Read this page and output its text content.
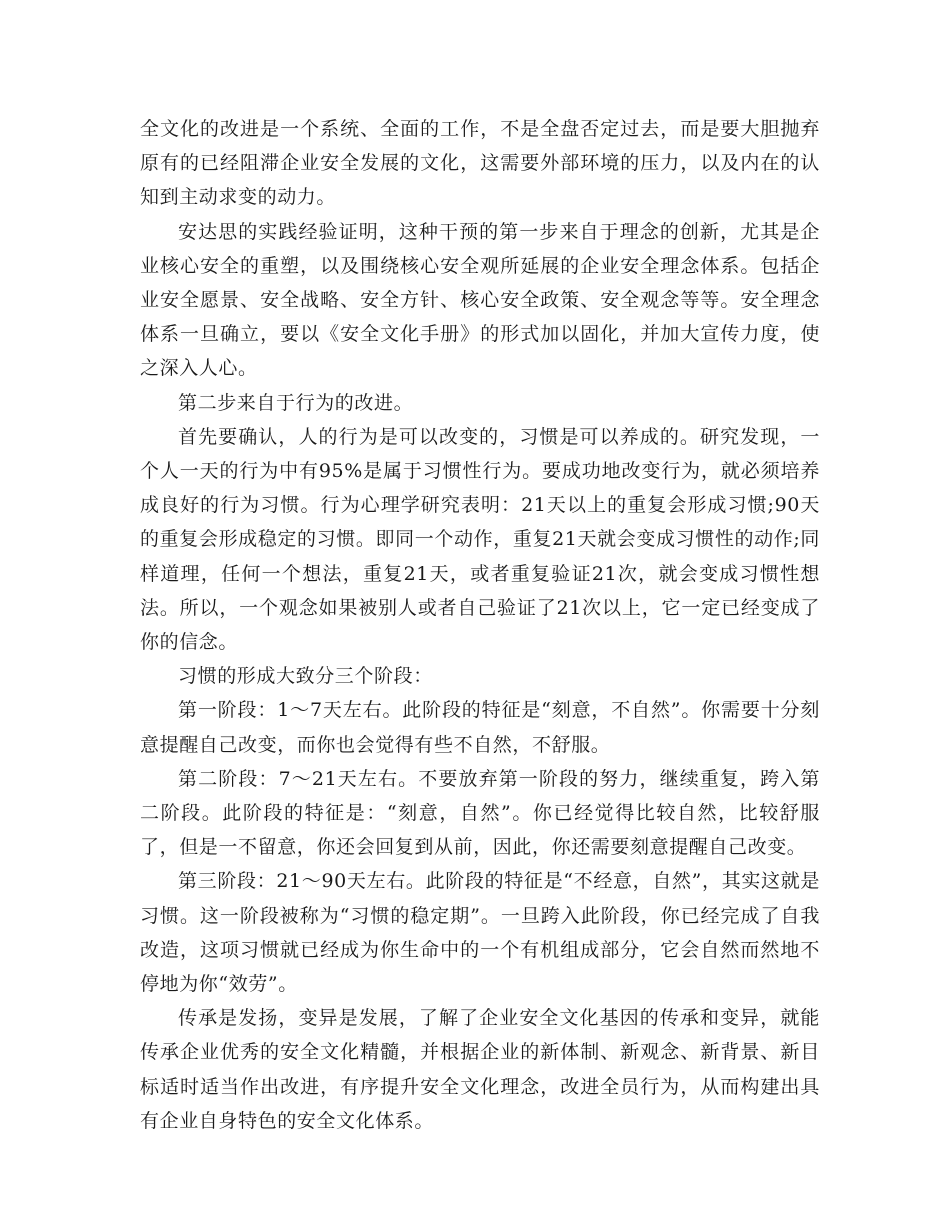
全文化的改进是一个系统、全面的工作，不是全盘否定过去，而是要大胆抛弃原有的已经阻滞企业安全发展的文化，这需要外部环境的压力，以及内在的认知到主动求变的动力。

安达思的实践经验证明，这种干预的第一步来自于理念的创新，尤其是企业核心安全的重塑，以及围绕核心安全观所延展的企业安全理念体系。包括企业安全愿景、安全战略、安全方针、核心安全政策、安全观念等等。安全理念体系一旦确立，要以《安全文化手册》的形式加以固化，并加大宣传力度，使之深入人心。

第二步来自于行为的改进。

首先要确认，人的行为是可以改变的，习惯是可以养成的。研究发现，一个人一天的行为中有95%是属于习惯性行为。要成功地改变行为，就必须培养成良好的行为习惯。行为心理学研究表明：21天以上的重复会形成习惯;90天的重复会形成稳定的习惯。即同一个动作，重复21天就会变成习惯性的动作;同样道理，任何一个想法，重复21天，或者重复验证21次，就会变成习惯性想法。所以，一个观念如果被别人或者自己验证了21次以上，它一定已经变成了你的信念。

习惯的形成大致分三个阶段：

第一阶段：1～7天左右。此阶段的特征是“刻意，不自然”。你需要十分刻意提醒自己改变，而你也会觉得有些不自然，不舒服。

第二阶段：7～21天左右。不要放弃第一阶段的努力，继续重复，跨入第二阶段。此阶段的特征是：“刻意，自然”。你已经觉得比较自然，比较舒服了，但是一不留意，你还会回复到从前，因此，你还需要刻意提醒自己改变。

第三阶段：21～90天左右。此阶段的特征是“不经意，自然”，其实这就是习惯。这一阶段被称为“习惯的稳定期”。一旦跨入此阶段，你已经完成了自我改造，这项习惯就已经成为你生命中的一个有机组成部分，它会自然而然地不停地为你“效劳”。

传承是发扬，变异是发展，了解了企业安全文化基因的传承和变异，就能传承企业优秀的安全文化精髓，并根据企业的新体制、新观念、新背景、新目标适时适当作出改进，有序提升安全文化理念，改进全员行为，从而构建出具有企业自身特色的安全文化体系。
